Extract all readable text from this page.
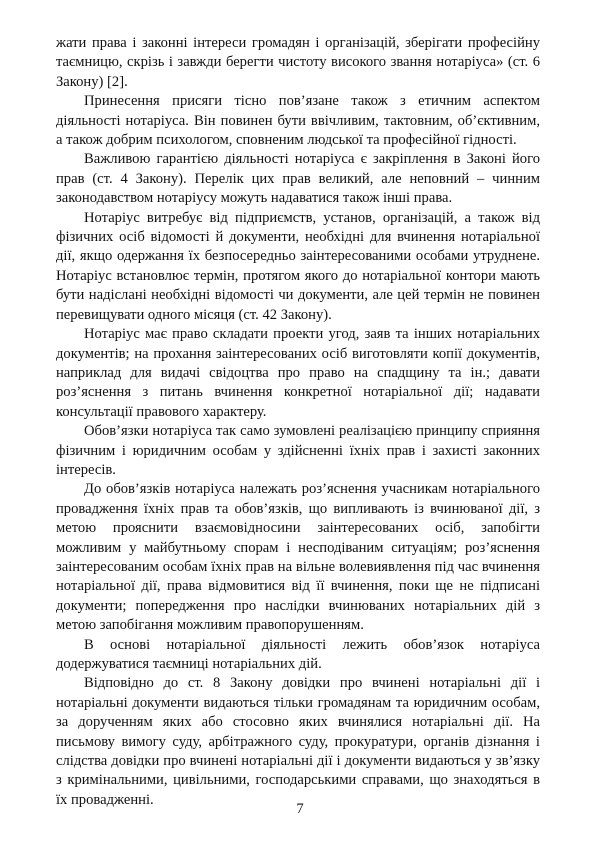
жати права і законні інтереси громадян і організацій, зберігати професійну таємницю, скрізь і завжди берегти чистоту високого звання нотаріуса» (ст. 6 Закону) [2].

Принесення присяги тісно пов’язане також з етичним аспектом діяльності нотаріуса. Він повинен бути ввічливим, тактовним, об’єктивним, а також добрим психологом, сповненим людської та професійної гідності.

Важливою гарантією діяльності нотаріуса є закріплення в Законі його прав (ст. 4 Закону). Перелік цих прав великий, але неповний – чинним законодавством нотаріусу можуть надаватися також інші права.

Нотаріус витребує від підприємств, установ, організацій, а також від фізичних осіб відомості й документи, необхідні для вчинення нотаріальної дії, якщо одержання їх безпосередньо заінтересованими особами утруднене. Нотаріус встановлює термін, протягом якого до нотаріальної контори мають бути надіслані необхідні відомості чи документи, але цей термін не повинен перевищувати одного місяця (ст. 42 Закону).

Нотаріус має право складати проекти угод, заяв та інших нотаріальних документів; на прохання заінтересованих осіб виготовляти копії документів, наприклад для видачі свідоцтва про право на спадщину та ін.; давати роз’яснення з питань вчинення конкретної нотаріальної дії; надавати консультації правового характеру.

Обов’язки нотаріуса так само зумовлені реалізацією принципу сприяння фізичним і юридичним особам у здійсненні їхніх прав і захисті законних інтересів.

До обов’язків нотаріуса належать роз’яснення учасникам нотаріального провадження їхніх прав та обов’язків, що випливають із вчинюваної дії, з метою прояснити взаємовідносини заінтересованих осіб, запобігти можливим у майбутньому спорам і несподіваним ситуаціям; роз’яснення заінтересованим особам їхніх прав на вільне волевиявлення під час вчинення нотаріальної дії, права відмовитися від її вчинення, поки ще не підписані документи; попередження про наслідки вчинюваних нотаріальних дій з метою запобігання можливим правопорушенням.

В основі нотаріальної діяльності лежить обов’язок нотаріуса додержуватися таємниці нотаріальних дій.

Відповідно до ст. 8 Закону довідки про вчинені нотаріальні дії і нотаріальні документи видаються тільки громадянам та юридичним особам, за дорученням яких або стосовно яких вчинялися нотаріальні дії. На письмову вимогу суду, арбітражного суду, прокуратури, органів дізнання і слідства довідки про вчинені нотаріальні дії і документи видаються у зв’язку з кримінальними, цивільними, господарськими справами, що знаходяться в їх провадженні.

7
